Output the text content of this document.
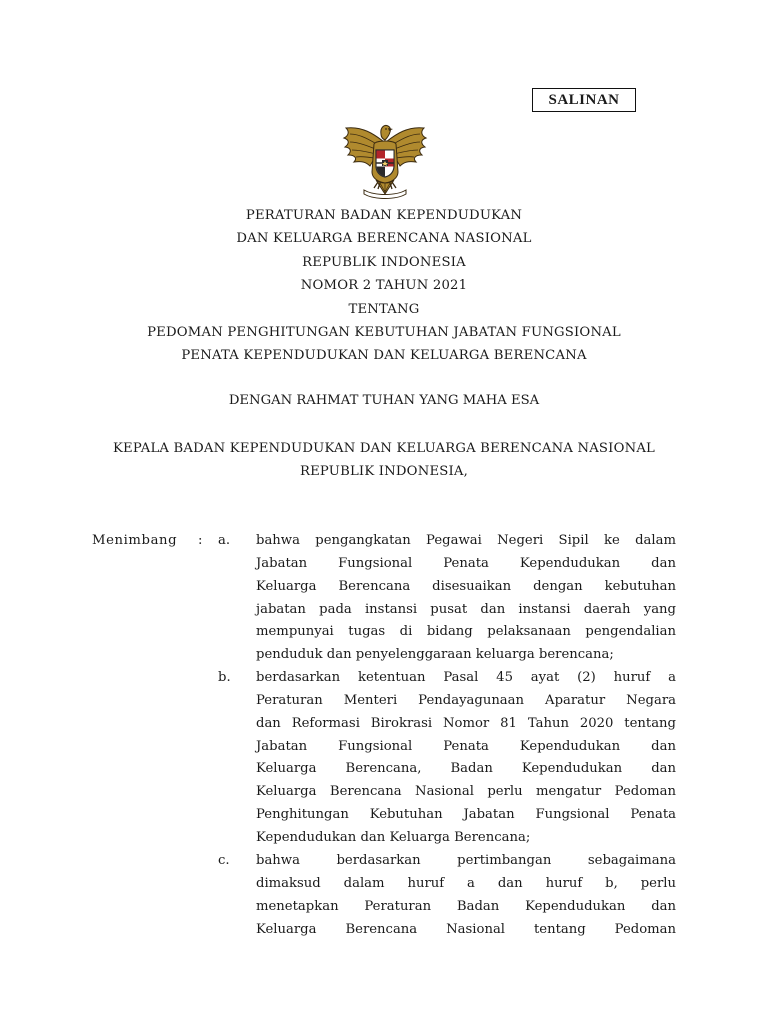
SALINAN
PERATURAN BADAN KEPENDUDUKAN
DAN KELUARGA BERENCANA NASIONAL
REPUBLIK INDONESIA
NOMOR 2 TAHUN 2021
TENTANG
PEDOMAN PENGHITUNGAN KEBUTUHAN JABATAN FUNGSIONAL
PENATA KEPENDUDUKAN DAN KELUARGA BERENCANA
DENGAN RAHMAT TUHAN YANG MAHA ESA
KEPALA BADAN KEPENDUDUKAN DAN KELUARGA BERENCANA NASIONAL
REPUBLIK INDONESIA,
Menimbang : a. bahwa pengangkatan Pegawai Negeri Sipil ke dalam
Jabatan Fungsional Penata Kependudukan dan
Keluarga Berencana disesuaikan dengan kebutuhan
jabatan pada instansi pusat dan instansi daerah yang
mempunyai tugas di bidang pelaksanaan pengendalian
penduduk dan penyelenggaraan keluarga berencana;
b. berdasarkan ketentuan Pasal 45 ayat (2) huruf a
Peraturan Menteri Pendayagunaan Aparatur Negara
dan Reformasi Birokrasi Nomor 81 Tahun 2020 tentang
Jabatan Fungsional Penata Kependudukan dan
Keluarga Berencana, Badan Kependudukan dan
Keluarga Berencana Nasional perlu mengatur Pedoman
Penghitungan Kebutuhan Jabatan Fungsional Penata
Kependudukan dan Keluarga Berencana;
c. bahwa berdasarkan pertimbangan sebagaimana
dimaksud dalam huruf a dan huruf b, perlu
menetapkan Peraturan Badan Kependudukan dan
Keluarga Berencana Nasional tentang Pedoman
